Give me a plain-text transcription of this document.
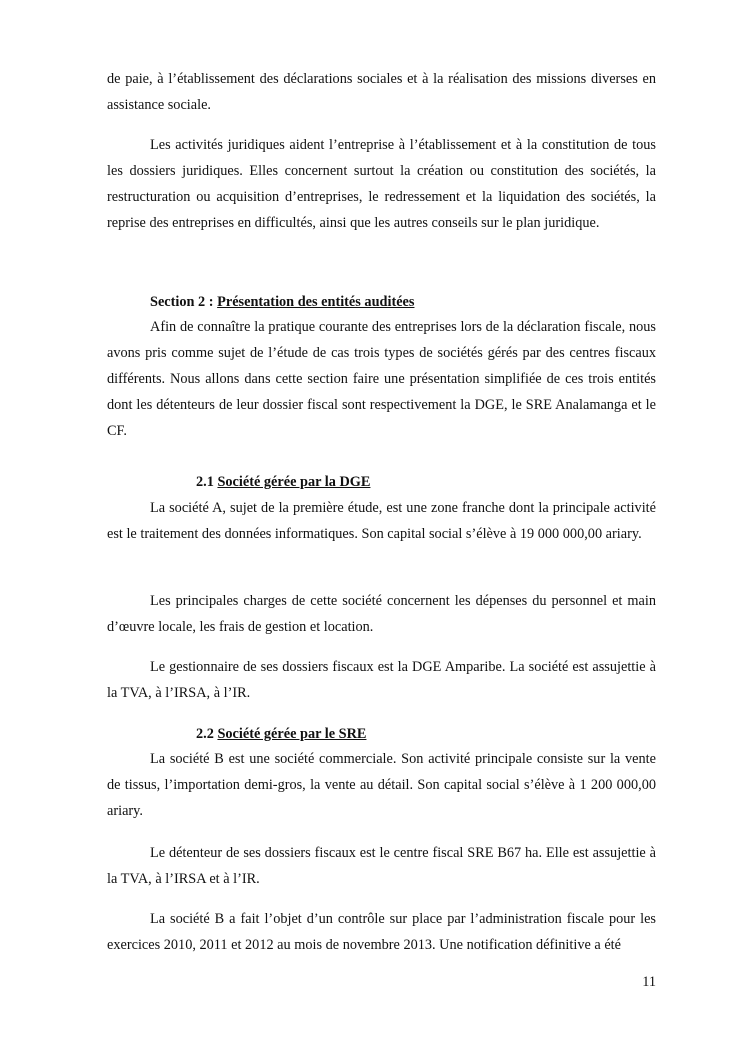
de paie, à l’établissement des déclarations sociales et à la réalisation des missions diverses en assistance sociale.

Les activités juridiques aident l’entreprise à l’établissement et à la constitution de tous les dossiers juridiques. Elles concernent surtout la création ou constitution des sociétés, la restructuration ou acquisition d’entreprises, le redressement et la liquidation des sociétés, la reprise des entreprises en difficultés, ainsi que les autres conseils sur le plan juridique.

Section 2 : Présentation des entités auditées

Afin de connaître la pratique courante des entreprises lors de la déclaration fiscale, nous avons pris comme sujet de l’étude de cas trois types de sociétés gérés par des centres fiscaux différents. Nous allons dans cette section faire une présentation simplifiée de ces trois entités dont les détenteurs de leur dossier fiscal sont respectivement la DGE, le SRE Analamanga et le CF.

2.1 Société gérée par la DGE

La société A, sujet de la première étude, est une zone franche dont la principale activité est le traitement des données informatiques. Son capital social s’élève à 19 000 000,00 ariary.

Les principales charges de cette société concernent les dépenses du personnel et main d’œuvre locale, les frais de gestion et location.

Le gestionnaire de ses dossiers fiscaux est la DGE Amparibe. La société est assujettie à la TVA, à l’IRSA, à l’IR.

2.2 Société gérée par le SRE

La société B est une société commerciale. Son activité principale consiste sur la vente de tissus, l’importation demi-gros, la vente au détail. Son capital social s’élève à 1 200 000,00 ariary.

Le détenteur de ses dossiers fiscaux est le centre fiscal SRE B67 ha. Elle est assujettie à la TVA, à l’IRSA et à l’IR.

La société B a fait l’objet d’un contrôle sur place par l’administration fiscale pour les exercices 2010, 2011 et 2012 au mois de novembre 2013. Une notification définitive a été

11
